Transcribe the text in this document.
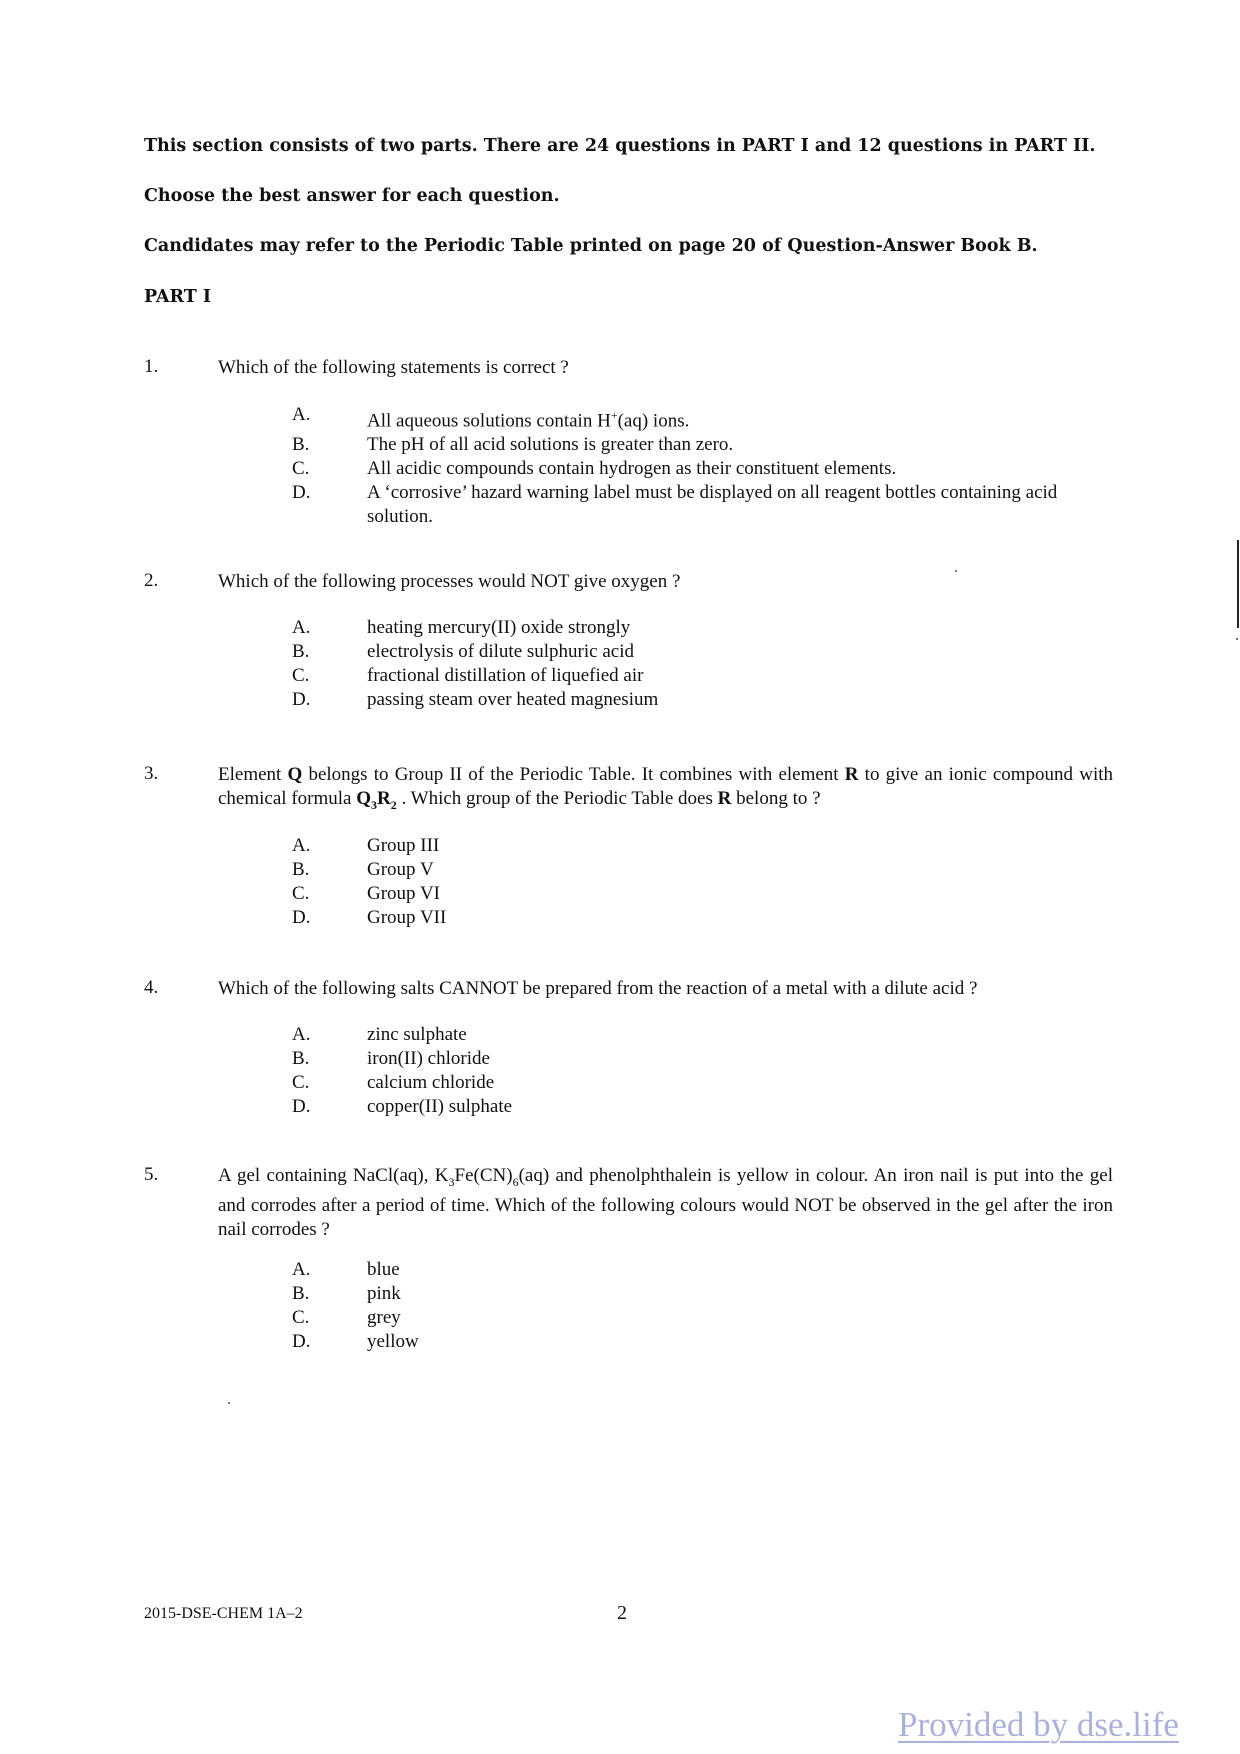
This section consists of two parts. There are 24 questions in PART I and 12 questions in PART II.
Choose the best answer for each question.
Candidates may refer to the Periodic Table printed on page 20 of Question-Answer Book B.
PART I
1.	Which of the following statements is correct ?
A.	All aqueous solutions contain H+(aq) ions.
B.	The pH of all acid solutions is greater than zero.
C.	All acidic compounds contain hydrogen as their constituent elements.
D.	A ‘corrosive’ hazard warning label must be displayed on all reagent bottles containing acid solution.
2.	Which of the following processes would NOT give oxygen ?
A.	heating mercury(II) oxide strongly
B.	electrolysis of dilute sulphuric acid
C.	fractional distillation of liquefied air
D.	passing steam over heated magnesium
3.	Element Q belongs to Group II of the Periodic Table. It combines with element R to give an ionic compound with chemical formula $Q_3R_2$ . Which group of the Periodic Table does R belong to ?
A.	Group III
B.	Group V
C.	Group VI
D.	Group VII
4.	Which of the following salts CANNOT be prepared from the reaction of a metal with a dilute acid ?
A.	zinc sulphate
B.	iron(II) chloride
C.	calcium chloride
D.	copper(II) sulphate
5.	A gel containing NaCl(aq), $K_3Fe(CN)_6(aq)$ and phenolphthalein is yellow in colour. An iron nail is put into the gel and corrodes after a period of time. Which of the following colours would NOT be observed in the gel after the iron nail corrodes ?
A.	blue
B.	pink
C.	grey
D.	yellow
2015-DSE-CHEM 1A–2	2
Provided by dse.life
